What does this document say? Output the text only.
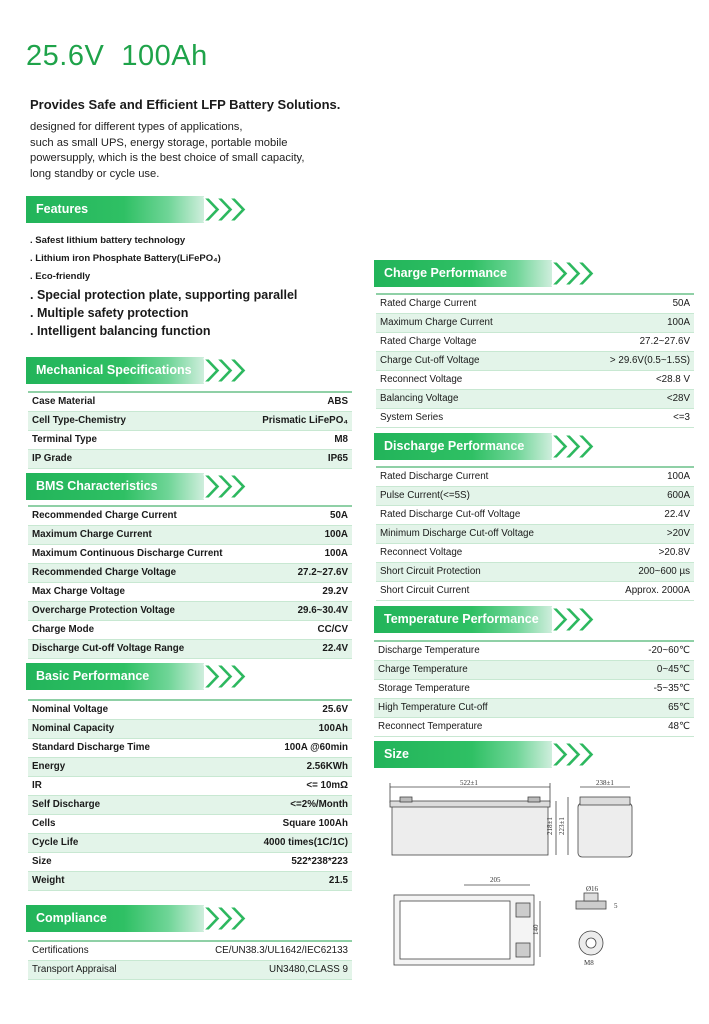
25.6V  100Ah
Provides Safe and Efficient LFP Battery Solutions.
designed for different types of applications,
such as small UPS, energy storage, portable mobile
powersupply, which is the best choice of small capacity,
long standby or cycle use.
Features
Mechanical Specifications
BMS Characteristics
Basic Performance
Compliance
Charge Performance
Discharge Performance
Temperature Performance
Size
. Safest lithium battery technology
. Lithium iron Phosphate Battery(LiFePO₄)
. Eco-friendly
. Special protection plate, supporting parallel
. Multiple safety protection
. Intelligent balancing function
Case Material	ABS
Cell Type-Chemistry	Prismatic LiFePO₄
Terminal Type	M8
IP Grade	IP65
Recommended Charge Current	50A
Maximum Charge Current	100A
Maximum Continuous Discharge Current	100A
Recommended Charge Voltage	27.2~27.6V
Max Charge Voltage	29.2V
Overcharge Protection Voltage	29.6~30.4V
Charge Mode	CC/CV
Discharge Cut-off Voltage Range	22.4V
Nominal Voltage	25.6V
Nominal Capacity	100Ah
Standard Discharge Time	100A @60min
Energy	2.56KWh
IR	<= 10mΩ
Self Discharge	<=2%/Month
Cells	Square 100Ah
Cycle Life	4000 times(1C/1C)
Size	522*238*223
Weight	21.5
Certifications	CE/UN38.3/UL1642/IEC62133
Transport Appraisal	UN3480,CLASS 9
Rated Charge Current	50A
Maximum Charge Current	100A
Rated Charge Voltage	27.2~27.6V
Charge Cut-off Voltage	> 29.6V(0.5~1.5S)
Reconnect Voltage	<28.8 V
Balancing Voltage	<28V
System Series	<=3
Rated Discharge Current	100A
Pulse Current(<=5S)	600A
Rated Discharge Cut-off Voltage	22.4V
Minimum Discharge Cut-off Voltage	>20V
Reconnect Voltage	>20.8V
Short Circuit Protection	200~600 µs
Short Circuit Current	Approx. 2000A
Discharge Temperature	-20~60℃
Charge Temperature	0~45℃
Storage Temperature	-5~35℃
High Temperature Cut-off	65℃
Reconnect Temperature	48℃
522±1	238±1
218±1 223±1
205
140
Ø16
5
M8
